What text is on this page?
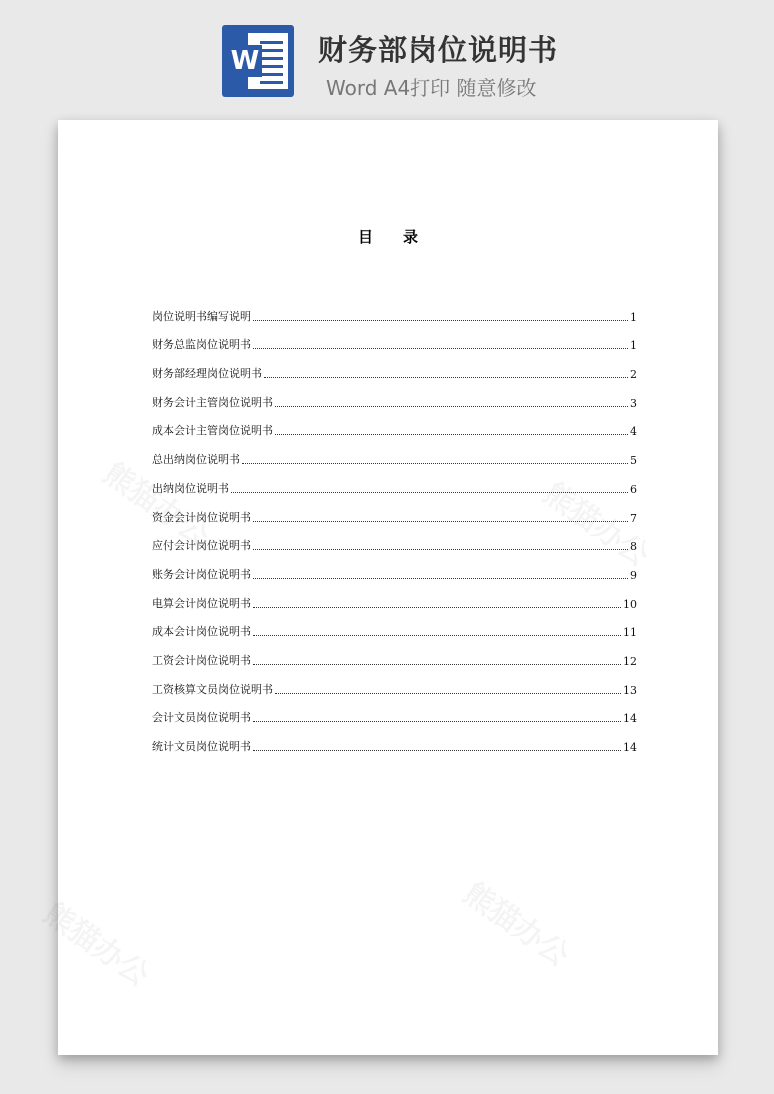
W 财务部岗位说明书
Word A4打印 随意修改
目 录
岗位说明书编写说明	1
财务总监岗位说明书	1
财务部经理岗位说明书	2
财务会计主管岗位说明书	3
成本会计主管岗位说明书	4
总出纳岗位说明书	5
出纳岗位说明书	6
资金会计岗位说明书	7
应付会计岗位说明书	8
账务会计岗位说明书	9
电算会计岗位说明书	10
成本会计岗位说明书	11
工资会计岗位说明书	12
工资核算文员岗位说明书	13
会计文员岗位说明书	14
统计文员岗位说明书	14
